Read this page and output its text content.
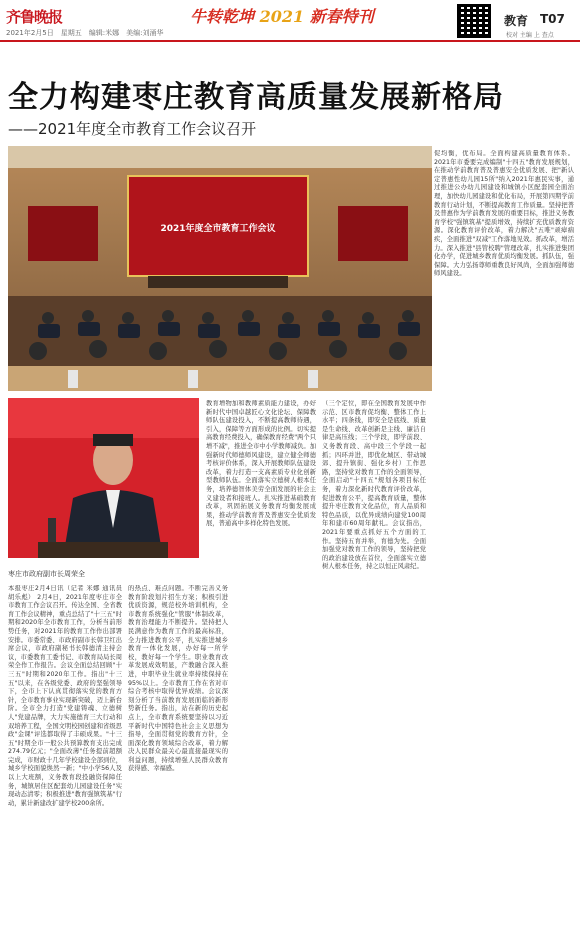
齐鲁晚报
2021年2月5日　星期五　编辑:米娜　美编:刘涌华
牛转乾坤 2021 新春特刊	教育 T07
校对 主编 上 查点
全力构建枣庄教育高质量发展新格局
——2021年度全市教育工作会议召开
2021年度全市教育工作会议
枣庄市政府副市长周荣全
本报枣庄2月4日讯（记者 米娜 通讯员 胡乐彪） 2月4日，2021年度枣庄市全市教育工作会议召开。传达全国、全省教育工作会议精神，重点总结了"十三五"时期和2020年全市教育工作，分析当前形势任务，对2021年的教育工作作出部署安排。市委常委、市政府副市长韩卫红出席会议，市政府副秘书长韩德清主持会议，市委教育工委书记、市教育局局长周荣全作工作报告。会议全面总结回顾"十三五"时期和2020年工作。指出"十三五"以来，在各级党委、政府的坚强领导下，全市上下认真贯彻落实党的教育方针，全市教育事业实现新突破，迈上新台阶。全市全力打造"党建铸魂、立德树人"党建品牌，大力实施德育三大行动和双培养工程，全国文明校园创建和省级思政"金课"评选都取得了丰硕成果。"十三五"时期全市一般公共预算教育支出完成274.79亿元；"全面改薄"任务提前超额完成，市财政十几年学校建设全部到位，城乡学校面貌焕然一新；"中小学56人及以上大班额，义务教育段投融资保障任务，城镇居住区配套幼儿园建设任务"实现动态清零；积极推进"教育强镇筑基"行动，累计新建改扩建学校200余所。
的热点、难点问题。不断完善义务教育阶段划片招生方案；积极引进优质资源，规范校外培训机构，全市教育系统强化"管服"体制改革，教育治理能力不断提升。坚持把人民满意作为教育工作的最高标准，全力推进教育公平，扎实推进城乡教育一体化发展，办好每一所学校，教好每一个学生。职业教育改革发展成效明显，产教融合深入推进，中职毕业生就业率持续保持在95%以上。全市教育工作在省对市综合考核中取得优异成绩。会议深刻分析了当前教育发展面临的新形势新任务。指出，站在新的历史起点上，全市教育系统要坚持以习近平新时代中国特色社会主义思想为指导，全面贯彻党的教育方针，全面深化教育领域综合改革，着力解决人民群众最关心最直接最现实的利益问题，持续增强人民群众教育获得感、幸福感。
教育增物加和教师素质能力建设，办好新时代中国卓越匠心文化论坛、保障教师队伍建设投入，不断提高教师待遇，引入，保障等方面形成的比例。切实提高教育经费投入，确保教育经费"两个只增不减"，推进全市中小学教师减负。加强新时代师德师风建设，建立健全师德考核评价体系，深入开展教师队伍建设改革，着力打造一支高素质专业化创新型教师队伍。全面落实立德树人根本任务，培养德智体美劳全面发展的社会主义建设者和接班人。扎实推进基础教育改革，巩固拓展义务教育均衡发展成果，推动学前教育普及普惠安全优质发展，普通高中多样化特色发展。
（三个定位，即在全国教育发展中作示范、区市教育促均衡、整体工作上水平；四条线，即安全是底线、质量是生命线、改革创新是主线、廉洁自律是高压线；三个学段，即学前段、义务教育段、高中段三个学段一起抓；四环并进，即优化城区、带动城郊、提升镇街、强化乡村）工作思路，坚持党对教育工作的全面领导，全面启动"十四五"规划各项目标任务，着力深化新时代教育评价改革，促进教育公平，提高教育质量，整体提升枣庄教育文化品位，育人品质和特色品质，以优异成绩向建党100周年和建市60周年献礼。会议指出，2021年要重点抓好五个方面的工作。坚持五育并举，育德为先。全面加强党对教育工作的领导，坚持把党的政治建设放在首位，全面落实立德树人根本任务，持之以恒正风肃纪。
促均衡，优布局。全面构建高质量教育体系。2021年市委要完成编制"十四五"教育发展规划，在推动学前教育普及普惠安全优质发展、把"新认定普惠性幼儿园15所"纳入2021年惠民实事，通过推进公办幼儿园建设和城镇小区配套园全面治理，加快幼儿园建设和优化布局，开展第四期学前教育行动计划，不断提高教育工作质量。坚持把普及普惠作为学前教育发展的重要目标，推进义务教育学校"强镇筑基"提质增效，持续扩充优质教育资源。深化教育评价改革，着力解决"五唯"顽瘴痼疾，全面推进"双减"工作落地见效。抓改革，增活力。深入推进"县管校聘"管理改革，扎实推进集团化办学，促进城乡教育优质均衡发展。抓队伍，强保障。大力弘扬尊师重教良好风尚，全面加强师德师风建设。
